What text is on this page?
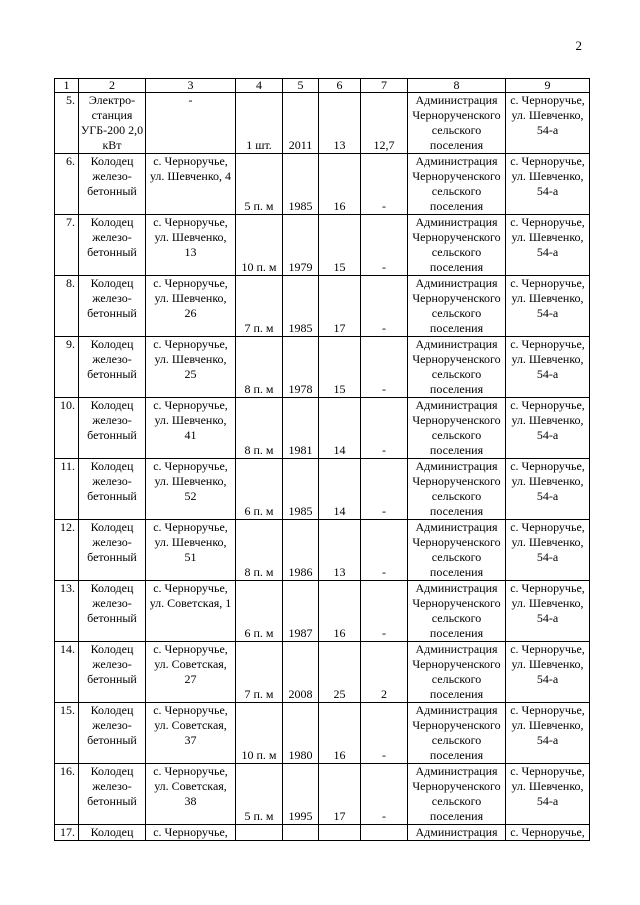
2
1	2	3	4	5	6	7	8	9
5.	Электро-станция УГБ-200 2,0 кВт	-	1 шт.	2011	13	12,7	Администрация Чернорученского сельского поселения	с. Черноручье, ул. Шевченко, 54-а
6.	Колодец железо-бетонный	с. Черноручье, ул. Шевченко, 4	5 п. м	1985	16	-	Администрация Чернорученского сельского поселения	с. Черноручье, ул. Шевченко, 54-а
7.	Колодец железо-бетонный	с. Черноручье, ул. Шевченко, 13	10 п. м	1979	15	-	Администрация Чернорученского сельского поселения	с. Черноручье, ул. Шевченко, 54-а
8.	Колодец железо-бетонный	с. Черноручье, ул. Шевченко, 26	7 п. м	1985	17	-	Администрация Чернорученского сельского поселения	с. Черноручье, ул. Шевченко, 54-а
9.	Колодец железо-бетонный	с. Черноручье, ул. Шевченко, 25	8 п. м	1978	15	-	Администрация Чернорученского сельского поселения	с. Черноручье, ул. Шевченко, 54-а
10.	Колодец железо-бетонный	с. Черноручье, ул. Шевченко, 41	8 п. м	1981	14	-	Администрация Чернорученского сельского поселения	с. Черноручье, ул. Шевченко, 54-а
11.	Колодец железо-бетонный	с. Черноручье, ул. Шевченко, 52	6 п. м	1985	14	-	Администрация Чернорученского сельского поселения	с. Черноручье, ул. Шевченко, 54-а
12.	Колодец железо-бетонный	с. Черноручье, ул. Шевченко, 51	8 п. м	1986	13	-	Администрация Чернорученского сельского поселения	с. Черноручье, ул. Шевченко, 54-а
13.	Колодец железо-бетонный	с. Черноручье, ул. Советская, 1	6 п. м	1987	16	-	Администрация Чернорученского сельского поселения	с. Черноручье, ул. Шевченко, 54-а
14.	Колодец железо-бетонный	с. Черноручье, ул. Советская, 27	7 п. м	2008	25	2	Администрация Чернорученского сельского поселения	с. Черноручье, ул. Шевченко, 54-а
15.	Колодец железо-бетонный	с. Черноручье, ул. Советская, 37	10 п. м	1980	16	-	Администрация Чернорученского сельского поселения	с. Черноручье, ул. Шевченко, 54-а
16.	Колодец железо-бетонный	с. Черноручье, ул. Советская, 38	5 п. м	1995	17	-	Администрация Чернорученского сельского поселения	с. Черноручье, ул. Шевченко, 54-а
17.	Колодец	с. Черноручье,					Администрация	с. Черноручье,
